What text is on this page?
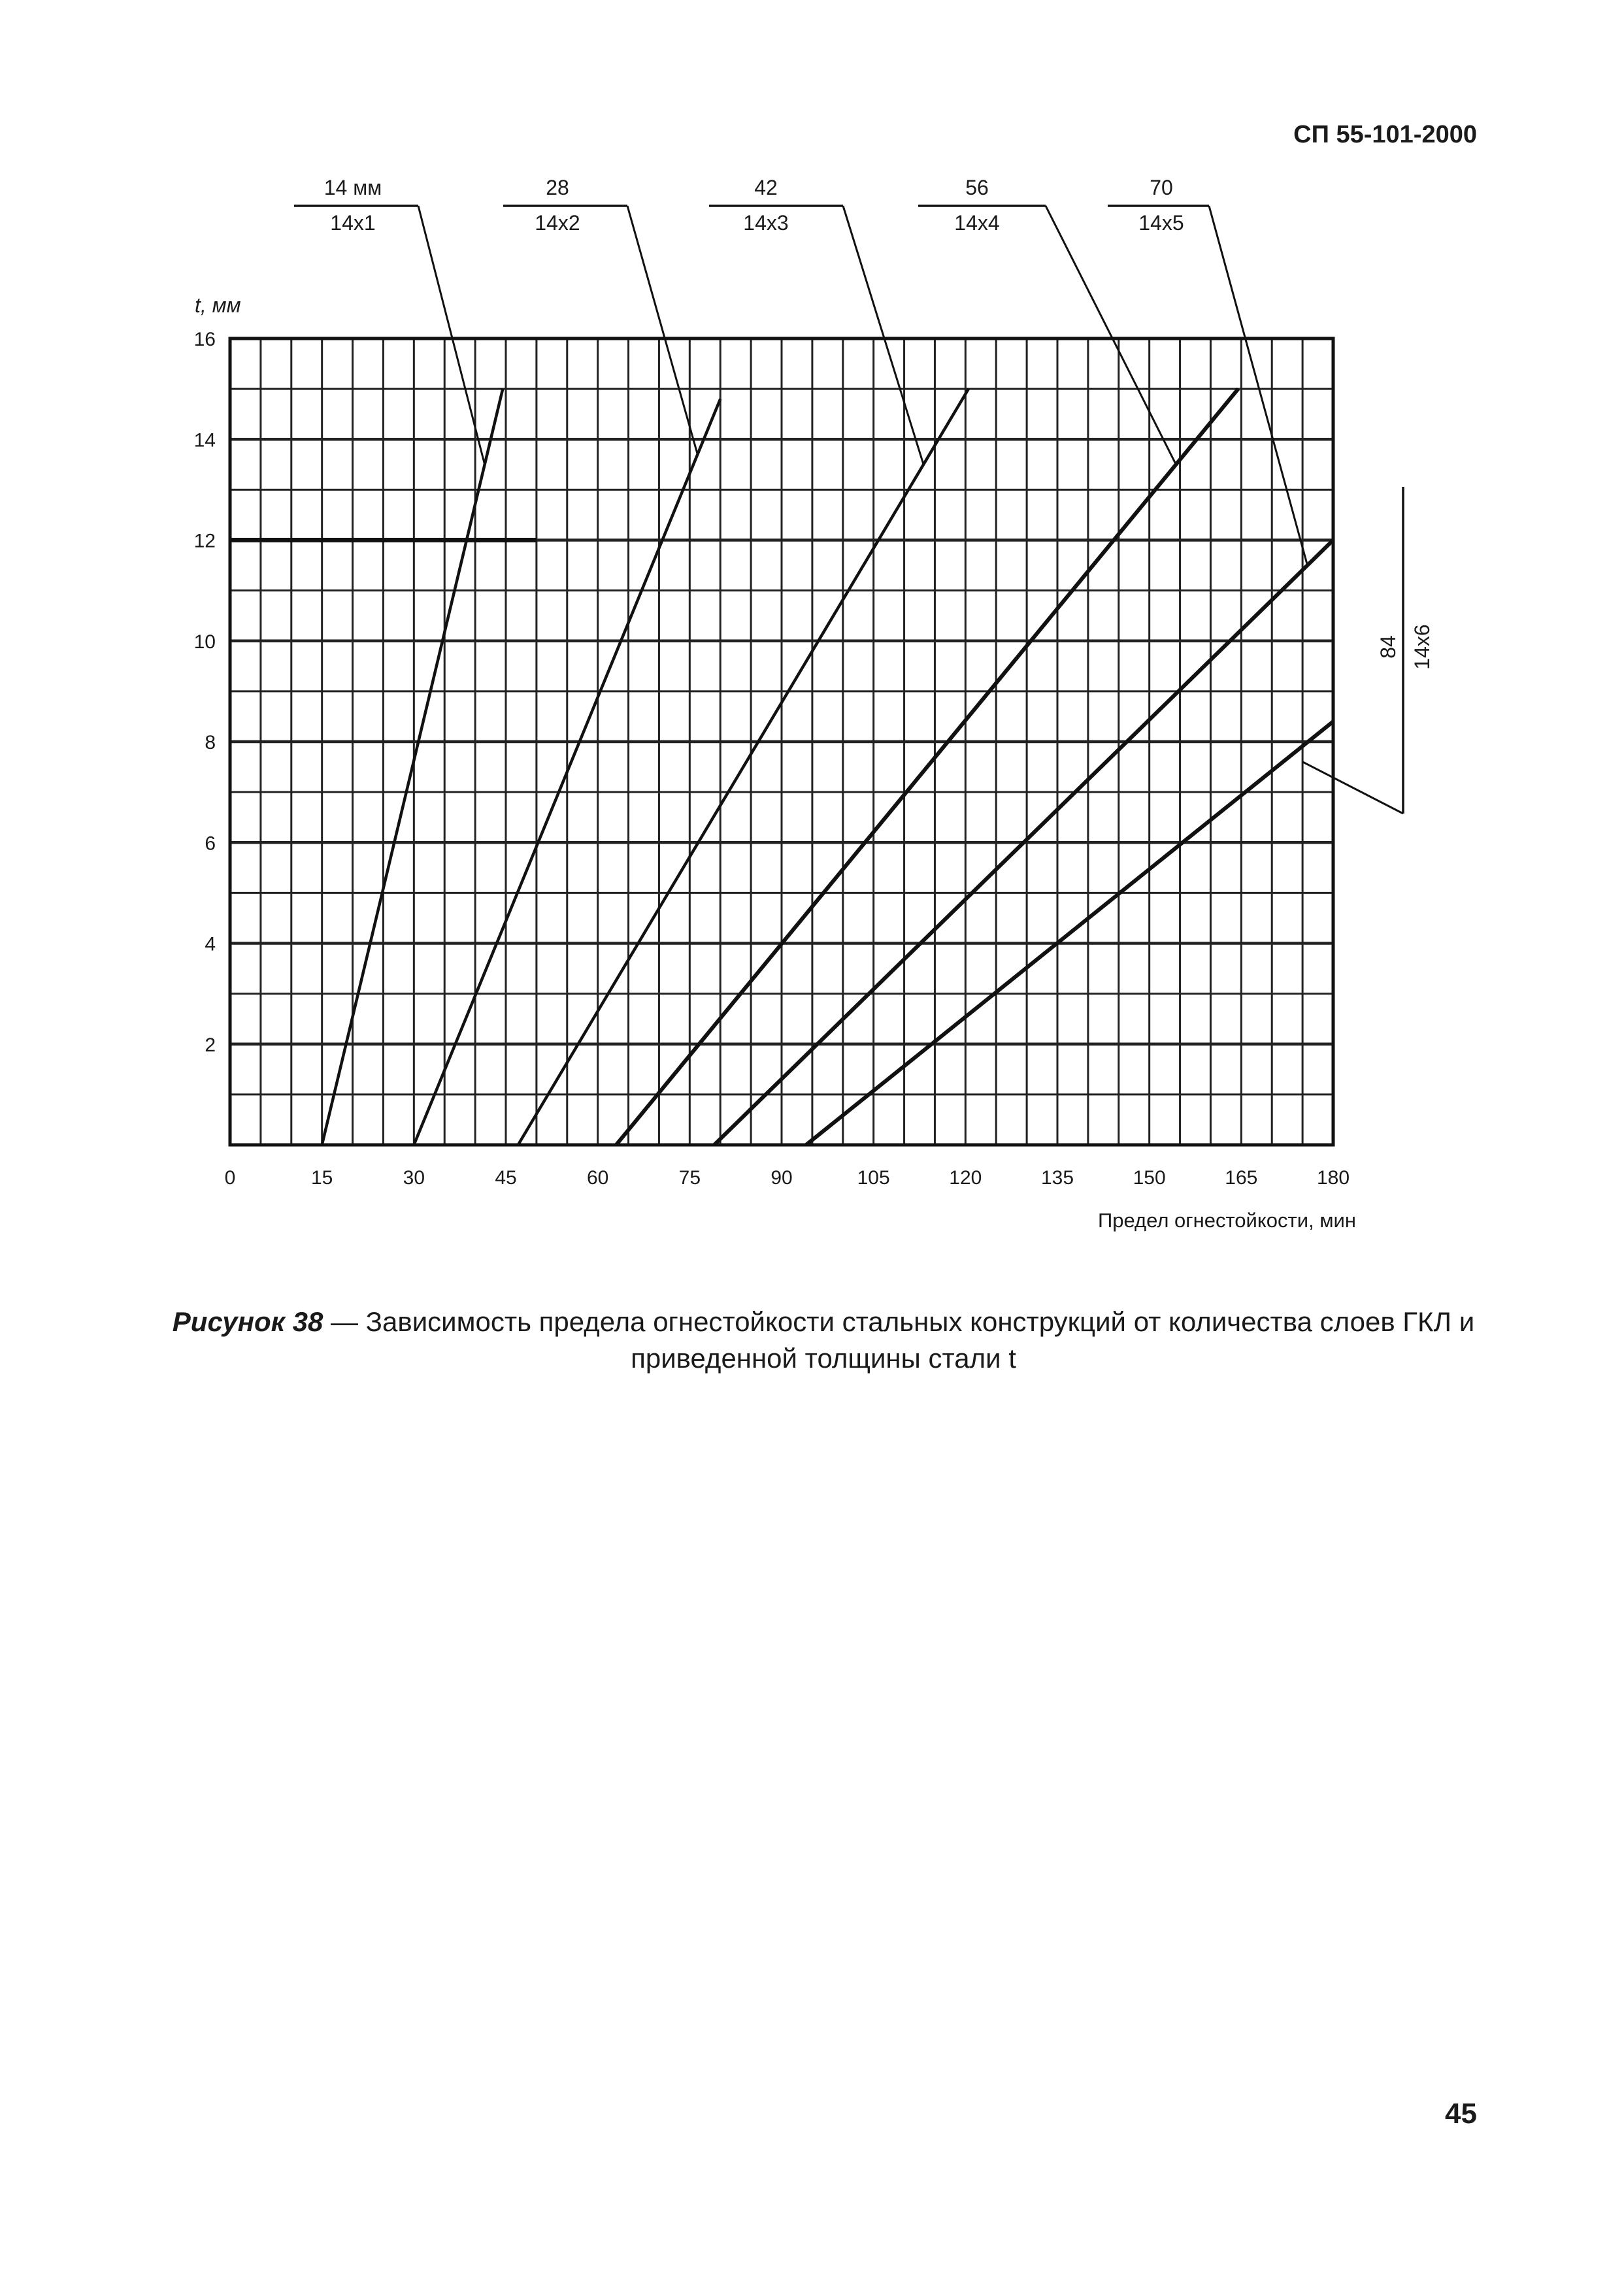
СП 55-101-2000
0	15	30	45	60	75	90	105	120	135	150	165	180
2
4
6
8
10
12
14
16
14 мм
14x1
28
14x2
42
14x3
56
14x4
70
14x5
84 14x6
t, мм
Предел огнестойкости, мин
Рисунок 38 — Зависимость предела огнестойкости стальных конструкций от количества слоев ГКЛ и приведенной толщины стали t
45
